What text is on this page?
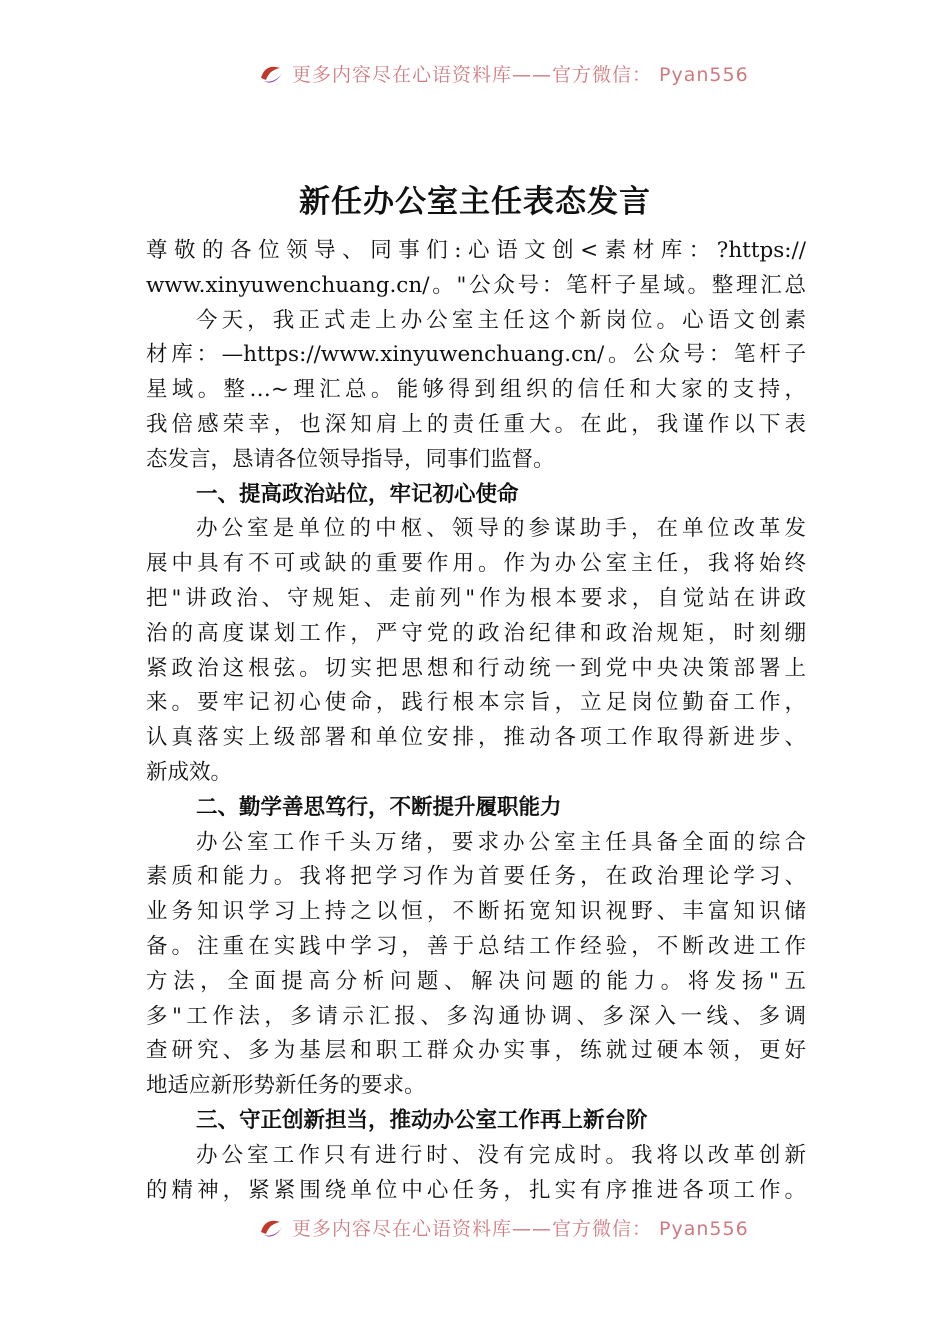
更多内容尽在心语资料库——官方微信： Pyan556
新任办公室主任表态发言
尊敬的各位领导、同事们:心语文创<素材库：?https://
www.xinyuwenchuang.cn/。"公众号：笔杆子星域。整理汇总
今天，我正式走上办公室主任这个新岗位。心语文创素
材库：—https://www.xinyuwenchuang.cn/。公众号：笔杆子
星域。整…~理汇总。能够得到组织的信任和大家的支持，
我倍感荣幸，也深知肩上的责任重大。在此，我谨作以下表
态发言，恳请各位领导指导，同事们监督。
一、提高政治站位，牢记初心使命
办公室是单位的中枢、领导的参谋助手，在单位改革发
展中具有不可或缺的重要作用。作为办公室主任，我将始终
把"讲政治、守规矩、走前列"作为根本要求，自觉站在讲政
治的高度谋划工作，严守党的政治纪律和政治规矩，时刻绷
紧政治这根弦。切实把思想和行动统一到党中央决策部署上
来。要牢记初心使命，践行根本宗旨，立足岗位勤奋工作，
认真落实上级部署和单位安排，推动各项工作取得新进步、
新成效。
二、勤学善思笃行，不断提升履职能力
办公室工作千头万绪，要求办公室主任具备全面的综合
素质和能力。我将把学习作为首要任务，在政治理论学习、
业务知识学习上持之以恒，不断拓宽知识视野、丰富知识储
备。注重在实践中学习，善于总结工作经验，不断改进工作
方法，全面提高分析问题、解决问题的能力。将发扬"五
多"工作法，多请示汇报、多沟通协调、多深入一线、多调
查研究、多为基层和职工群众办实事，练就过硬本领，更好
地适应新形势新任务的要求。
三、守正创新担当，推动办公室工作再上新台阶
办公室工作只有进行时、没有完成时。我将以改革创新
的精神，紧紧围绕单位中心任务，扎实有序推进各项工作。
更多内容尽在心语资料库——官方微信： Pyan556
